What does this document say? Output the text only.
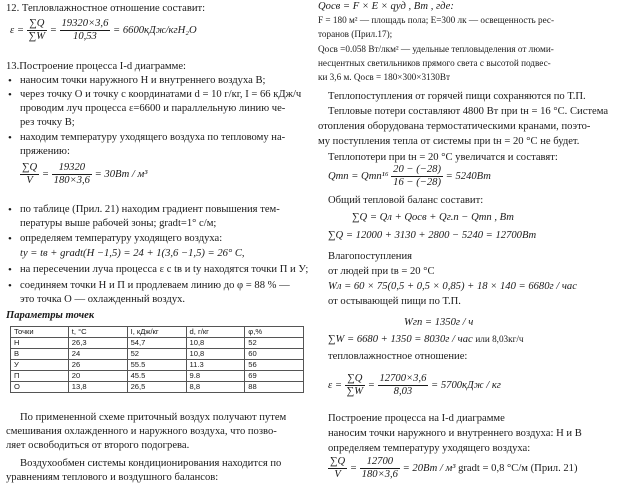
12. Тепловлажностное отношение составит:
$\varepsilon = \frac{\sum Q}{\sum W} = \frac{19320\times 3,6}{10,53} = 6600кДж/кгH_2O$
13.Построение процесса I-d диаграмме:
• наносим точки наружного Н и внутреннего воздуха В;
• через точку О и точку с координатами d = 10 г/кг, I = 66 кДж/ч
проводим луч процесса ε=6600 и параллельную линию че-
рез точку В;
• находим температуру уходящего воздуха по тепловому на-
пряжению:
$\frac{\sum Q}{V} = \frac{19320}{180\times 3,6} = 30Вт / м^3$
• по таблице (Прил. 21) находим градиент повышения тем-
пературы выше рабочей зоны; gradt=1° с/м;
• определяем температуру уходящего воздуха:
tу = tв + gradt(H −1,5) = 24 + 1(3,6 −1,5) = 26° C,
• на пересечении луча процесса ε с tв и tу находятся точки П и У;
• соединяем точки Н и П и продлеваем линию до φ = 88 % —
это точка О — охлажденный воздух.
Параметры точек
Точки	t, °C	I, кДж/кг	d, г/кг	φ,%
Н	26,3	54,7	10,8	52
В	24	52	10,8	60
У	26	55.5	11.3	56
П	20	45.5	9.8	69
О	13,8	26,5	8,8	88
По примененной схеме приточный воздух получают путем
смешивания охлажденного и наружного воздуха, что позво-
ляет освободиться от второго подогрева.
Воздухообмен системы кондиционирования находится по
уравнениям теплового и воздушного балансов:
Qосв = F × E × qуд , Вт , где:
F = 180 м² — площадь пола; E=300 лк — освещенность рес-
торанов (Прил.17);
Qосв =0.058 Вт/лкм² — удельные тепловыделения от люми-
несцентных светильников прямого света с высотой подвес-
ки 3,6 м. Qосв = 180×300×3130Вт
Теплопоступления от горячей пищи сохраняются по Т.П.
Тепловые потери составляют 4800 Вт при tн = 16 °C. Система
отопления оборудована термостатическими кранами, поэто-
му поступления тепла от системы при tн = 20 °C не будет.
Теплопотери при tн = 20 °C увеличатся и составят:
Qтп = $Qтп^{16} \frac{20 - (-28)}{16 - (-28)} = 5240Вт$
Общий тепловой баланс составит:
∑Q = Qл + Qосв + Qг.п − Qтп , Вт
∑Q = 12000 + 3130 + 2800 − 5240 = 12700Вт
Влагопоступления
от людей при tв = 20 °C
Wл = 60 × 75(0,5 + 0,5 × 0,85) + 18 × 140 = 6680г / час
от остывающей пищи по Т.П.
Wгп = 1350г / ч
∑W = 6680 + 1350 = 8030г / час или 8,03кг/ч
тепловлажностное отношение:
$\varepsilon = \frac{\sum Q}{\sum W} = \frac{12700\times 3,6}{8,03} = 5700кДж$ / кг
Построение процесса на I-d диаграмме
наносим точки наружного и внутреннего воздуха: Н и В
определяем температуру уходящего воздуха:
$\frac{\sum Q}{V} = \frac{12700}{180\times 3,6} = 20Вт / м^3$ gradt = 0,8 °C/м (Прил. 21)
